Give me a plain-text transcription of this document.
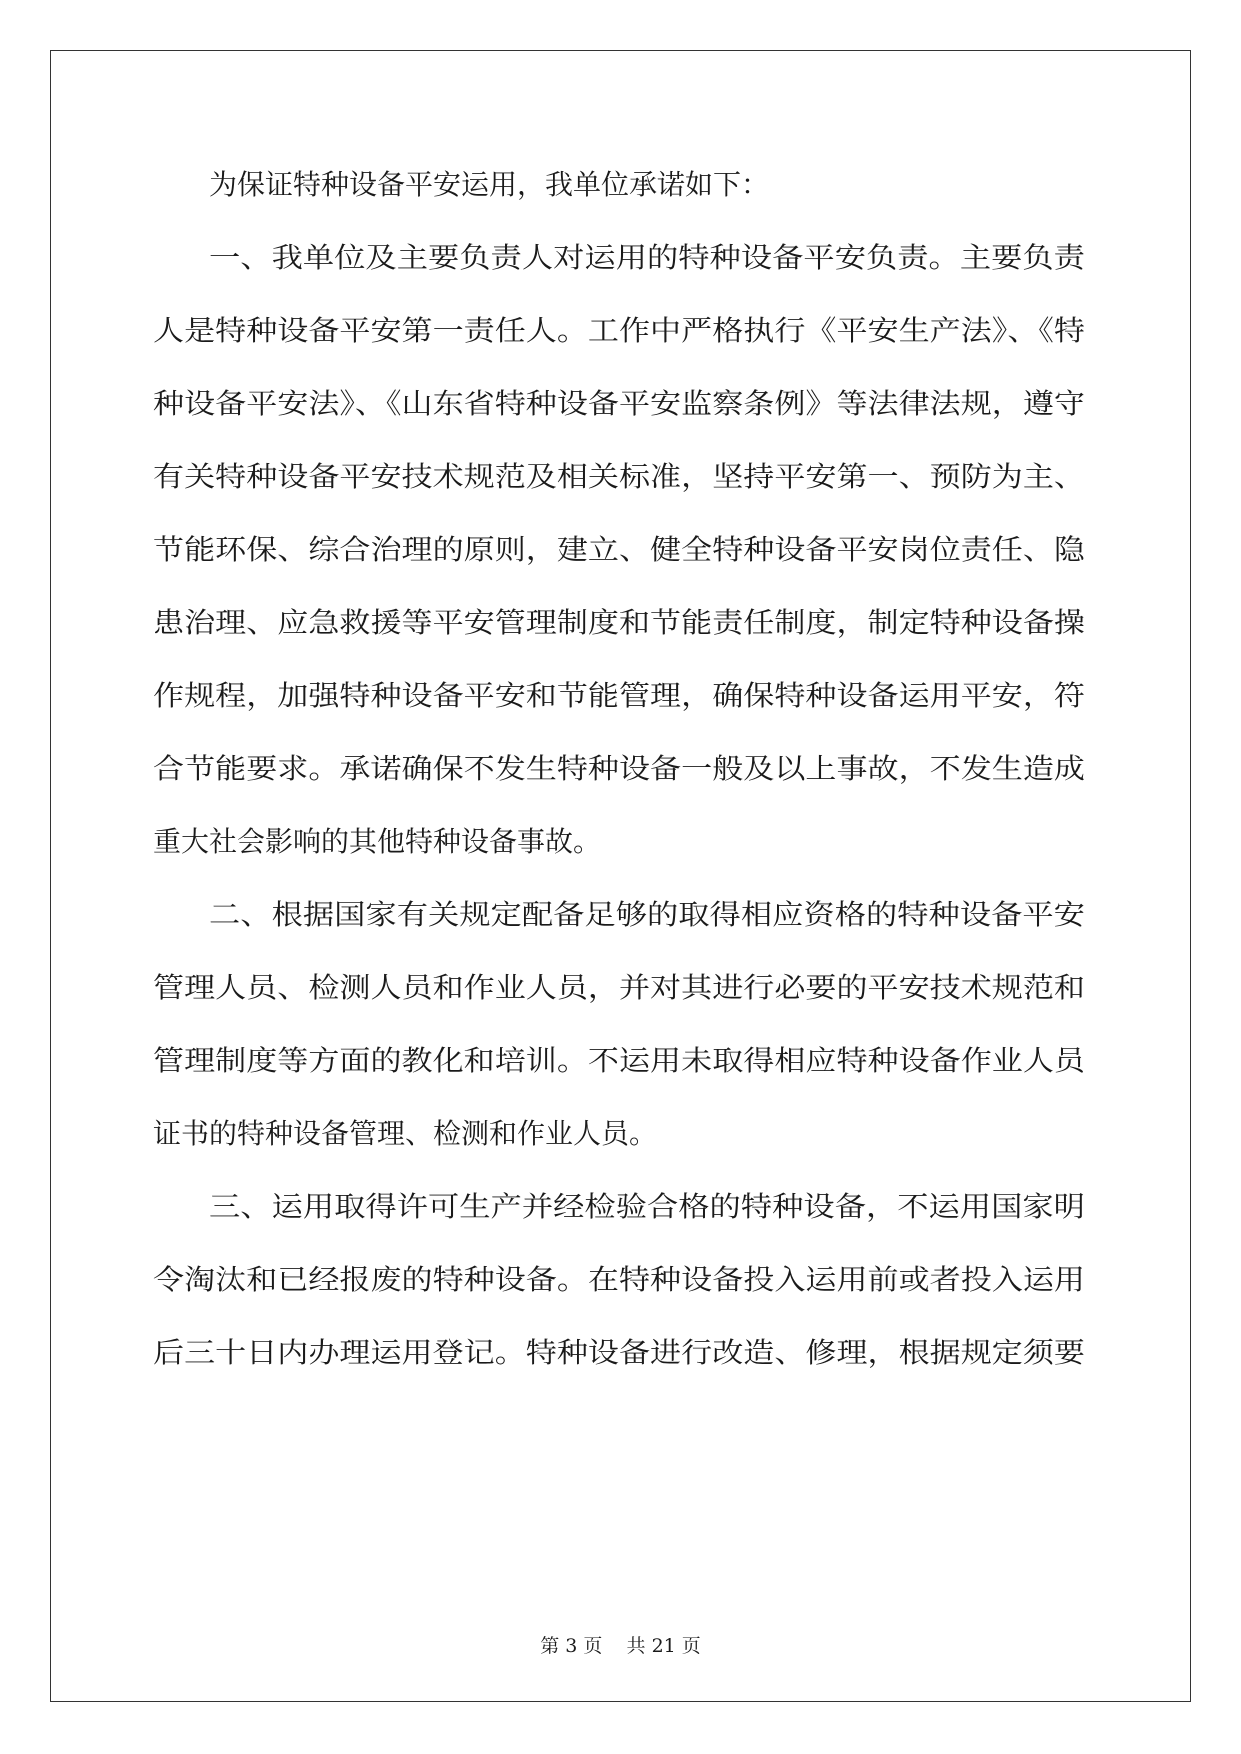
为保证特种设备平安运用，我单位承诺如下：
一、我单位及主要负责人对运用的特种设备平安负责。主要负责
人是特种设备平安第一责任人。工作中严格执行《平安生产法》、《特
种设备平安法》、《山东省特种设备平安监察条例》等法律法规，遵守
有关特种设备平安技术规范及相关标准，坚持平安第一、预防为主、
节能环保、综合治理的原则，建立、健全特种设备平安岗位责任、隐
患治理、应急救援等平安管理制度和节能责任制度，制定特种设备操
作规程，加强特种设备平安和节能管理，确保特种设备运用平安，符
合节能要求。承诺确保不发生特种设备一般及以上事故，不发生造成
重大社会影响的其他特种设备事故。
二、根据国家有关规定配备足够的取得相应资格的特种设备平安
管理人员、检测人员和作业人员，并对其进行必要的平安技术规范和
管理制度等方面的教化和培训。不运用未取得相应特种设备作业人员
证书的特种设备管理、检测和作业人员。
三、运用取得许可生产并经检验合格的特种设备，不运用国家明
令淘汰和已经报废的特种设备。在特种设备投入运用前或者投入运用
后三十日内办理运用登记。特种设备进行改造、修理，根据规定须要
第 3 页 共 21 页
